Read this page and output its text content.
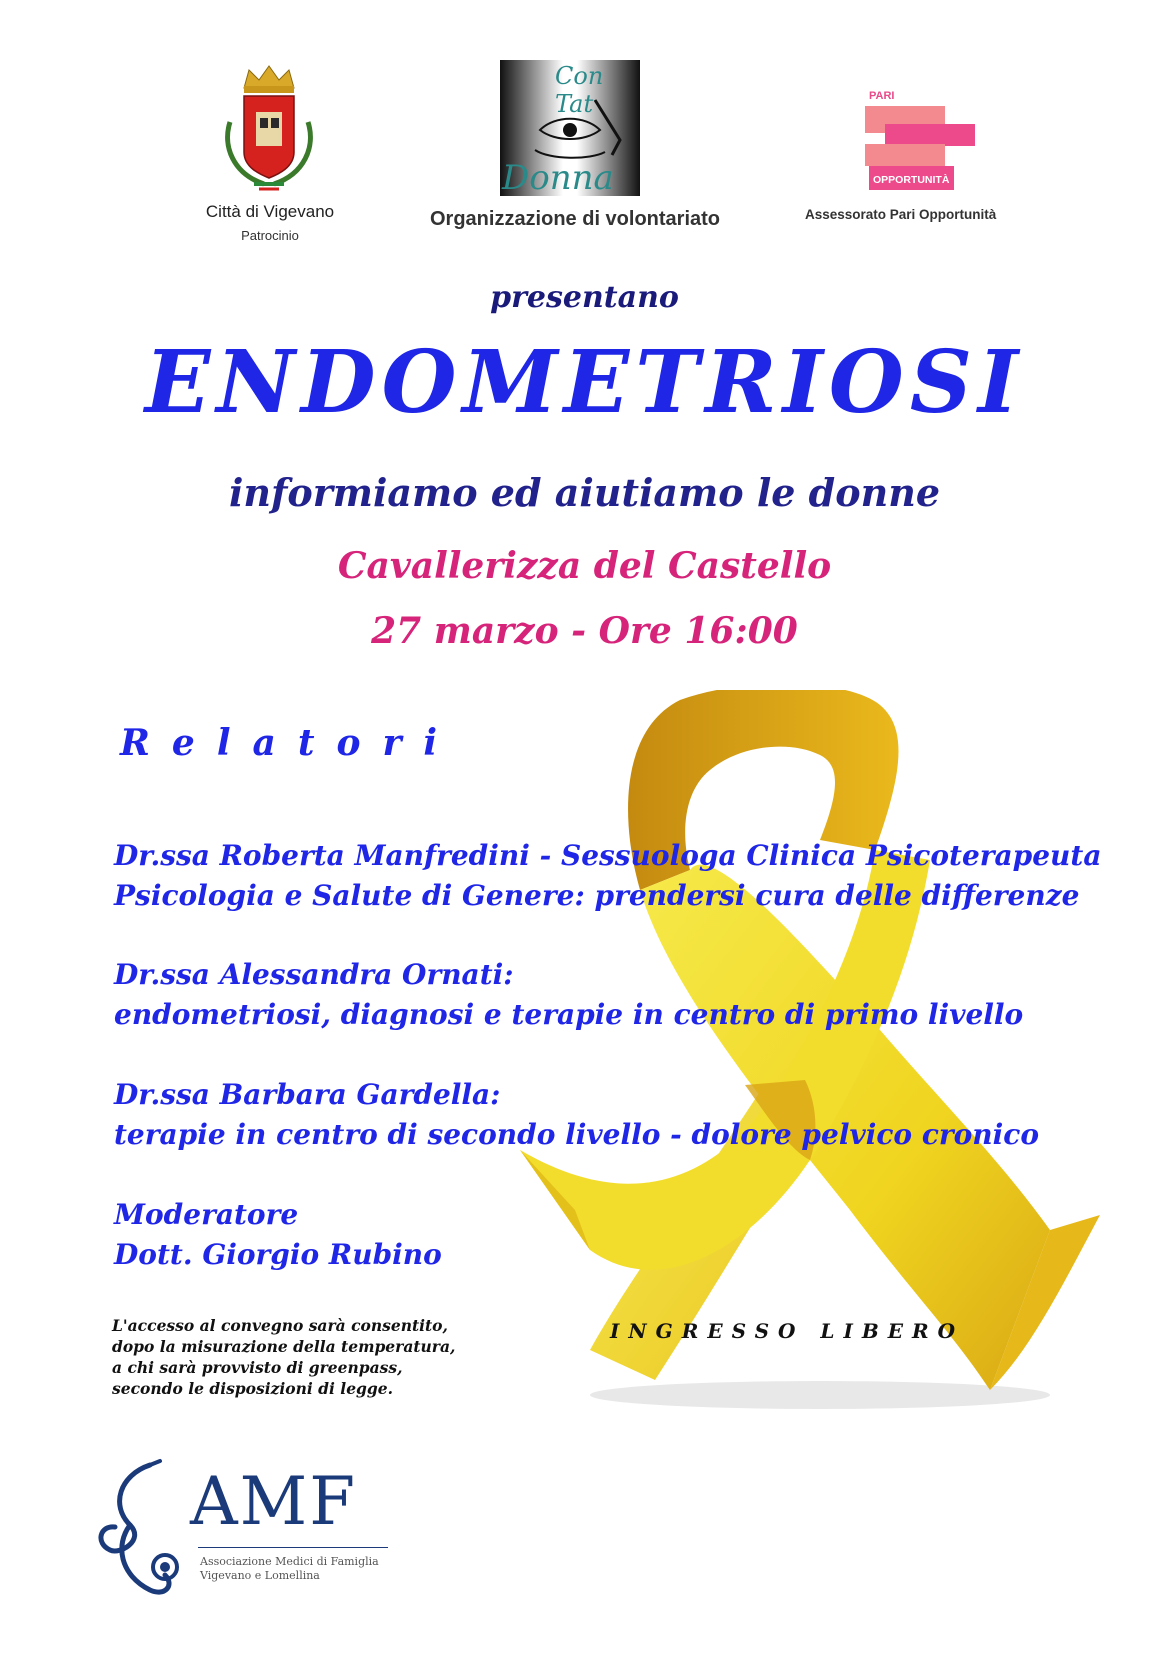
Città di Vigevano
Patrocinio
Con Tat
Donna
Organizzazione di volontariato
PARI
OPPORTUNITÀ
Assessorato Pari Opportunità
presentano
ENDOMETRIOSI
informiamo ed aiutiamo le donne
Cavallerizza del Castello
27 marzo - Ore 16:00
Relatori
Dr.ssa Roberta Manfredini - Sessuologa Clinica Psicoterapeuta
Psicologia e Salute di Genere: prendersi cura delle differenze
Dr.ssa Alessandra Ornati:
endometriosi, diagnosi e terapie in centro di primo livello
Dr.ssa Barbara Gardella:
terapie in centro di secondo livello - dolore pelvico cronico
Moderatore
Dott. Giorgio Rubino
L'accesso al convegno sarà consentito,
dopo la misurazione della temperatura,
a chi sarà provvisto di greenpass,
secondo le disposizioni di legge.
INGRESSO LIBERO
AMF
Associazione Medici di Famiglia
Vigevano e Lomellina
